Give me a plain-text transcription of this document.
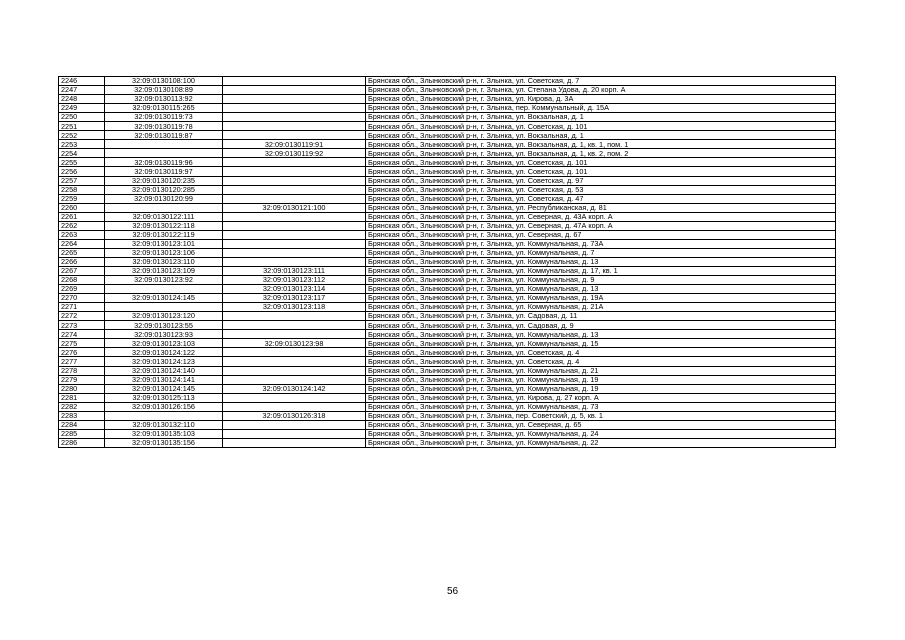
2246	32:09:0130108:100		Брянская обл., Злынковский р-н, г. Злынка, ул. Советская, д. 7
2247	32:09:0130108:89		Брянская обл., Злынковский р-н, г. Злынка, ул. Степана Удова, д. 20 корп. А
2248	32:09:0130113:92		Брянская обл., Злынковский р-н, г. Злынка, ул. Кирова, д. 3А
2249	32:09:0130115:265		Брянская обл., Злынковский р-н, г. Злынка, пер. Коммунальный, д. 15А
2250	32:09:0130119:73		Брянская обл., Злынковский р-н, г. Злынка, ул. Вокзальная, д. 1
2251	32:09:0130119:78		Брянская обл., Злынковский р-н, г. Злынка, ул. Советская, д. 101
2252	32:09:0130119:87		Брянская обл., Злынковский р-н, г. Злынка, ул. Вокзальная, д. 1
2253		32:09:0130119:91	Брянская обл., Злынковский р-н, г. Злынка, ул. Вокзальная, д. 1, кв. 1, пом. 1
2254		32:09:0130119:92	Брянская обл., Злынковский р-н, г. Злынка, ул. Вокзальная, д. 1, кв. 2, пом. 2
2255	32:09:0130119:96		Брянская обл., Злынковский р-н, г. Злынка, ул. Советская, д. 101
2256	32:09:0130119:97		Брянская обл., Злынковский р-н, г. Злынка, ул. Советская, д. 101
2257	32:09:0130120:235		Брянская обл., Злынковский р-н, г. Злынка, ул. Советская, д. 97
2258	32:09:0130120:285		Брянская обл., Злынковский р-н, г. Злынка, ул. Советская, д. 53
2259	32:09:0130120:99		Брянская обл., Злынковский р-н, г. Злынка, ул. Советская, д. 47
2260		32:09:0130121:100	Брянская обл., Злынковский р-н, г. Злынка, ул. Республиканская, д. 81
2261	32:09:0130122:111		Брянская обл., Злынковский р-н, г. Злынка, ул. Северная, д. 43А корп. А
2262	32:09:0130122:118		Брянская обл., Злынковский р-н, г. Злынка, ул. Северная, д. 47А корп. А
2263	32:09:0130122:119		Брянская обл., Злынковский р-н, г. Злынка, ул. Северная, д. 67
2264	32:09:0130123:101		Брянская обл., Злынковский р-н, г. Злынка, ул. Коммунальная, д. 73А
2265	32:09:0130123:106		Брянская обл., Злынковский р-н, г. Злынка, ул. Коммунальная, д. 7
2266	32:09:0130123:110		Брянская обл., Злынковский р-н, г. Злынка, ул. Коммунальная, д. 13
2267	32:09:0130123:109	32:09:0130123:111	Брянская обл., Злынковский р-н, г. Злынка, ул. Коммунальная, д. 17, кв. 1
2268	32:09:0130123:92	32:09:0130123:112	Брянская обл., Злынковский р-н, г. Злынка, ул. Коммунальная, д. 9
2269		32:09:0130123:114	Брянская обл., Злынковский р-н, г. Злынка, ул. Коммунальная, д. 13
2270	32:09:0130124:145	32:09:0130123:117	Брянская обл., Злынковский р-н, г. Злынка, ул. Коммунальная, д. 19А
2271		32:09:0130123:118	Брянская обл., Злынковский р-н, г. Злынка, ул. Коммунальная, д. 21А
2272	32:09:0130123:120		Брянская обл., Злынковский р-н, г. Злынка, ул. Садовая, д. 11
2273	32:09:0130123:55		Брянская обл., Злынковский р-н, г. Злынка, ул. Садовая, д. 9
2274	32:09:0130123:93		Брянская обл., Злынковский р-н, г. Злынка, ул. Коммунальная, д. 13
2275	32:09:0130123:103	32:09:0130123:98	Брянская обл., Злынковский р-н, г. Злынка, ул. Коммунальная, д. 15
2276	32:09:0130124:122		Брянская обл., Злынковский р-н, г. Злынка, ул. Советская, д. 4
2277	32:09:0130124:123		Брянская обл., Злынковский р-н, г. Злынка, ул. Советская, д. 4
2278	32:09:0130124:140		Брянская обл., Злынковский р-н, г. Злынка, ул. Коммунальная, д. 21
2279	32:09:0130124:141		Брянская обл., Злынковский р-н, г. Злынка, ул. Коммунальная, д. 19
2280	32:09:0130124:145	32:09:0130124:142	Брянская обл., Злынковский р-н, г. Злынка, ул. Коммунальная, д. 19
2281	32:09:0130125:113		Брянская обл., Злынковский р-н, г. Злынка, ул. Кирова, д. 27 корп. А
2282	32:09:0130126:156		Брянская обл., Злынковский р-н, г. Злынка, ул. Коммунальная, д. 73
2283		32:09:0130126:318	Брянская обл., Злынковский р-н, г. Злынка, пер. Советский, д. 5, кв. 1
2284	32:09:0130132:110		Брянская обл., Злынковский р-н, г. Злынка, ул. Северная, д. 65
2285	32:09:0130135:103		Брянская обл., Злынковский р-н, г. Злынка, ул. Коммунальная, д. 24
2286	32:09:0130135:156		Брянская обл., Злынковский р-н, г. Злынка, ул. Коммунальная, д. 22
56
